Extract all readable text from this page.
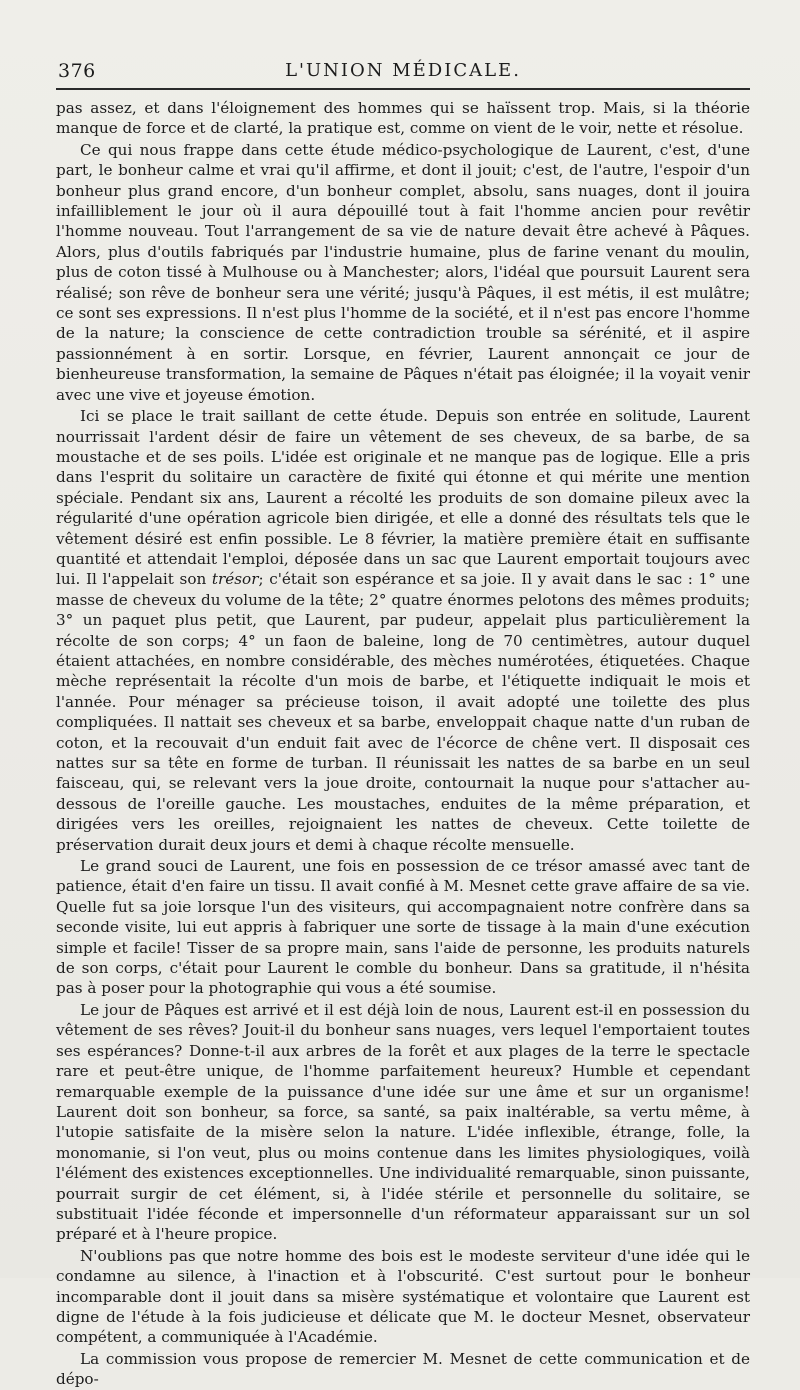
376	L'UNION MÉDICALE.

pas assez, et dans l'éloignement des hommes qui se haïssent trop. Mais, si la théorie manque de force et de clarté, la pratique est, comme on vient de le voir, nette et résolue.

Ce qui nous frappe dans cette étude médico-psychologique de Laurent, c'est, d'une part, le bonheur calme et vrai qu'il affirme, et dont il jouit; c'est, de l'autre, l'espoir d'un bonheur plus grand encore, d'un bonheur complet, absolu, sans nuages, dont il jouira infailliblement le jour où il aura dépouillé tout à fait l'homme ancien pour revêtir l'homme nouveau. Tout l'arrangement de sa vie de nature devait être achevé à Pâques. Alors, plus d'outils fabriqués par l'industrie humaine, plus de farine venant du moulin, plus de coton tissé à Mulhouse ou à Manchester; alors, l'idéal que poursuit Laurent sera réalisé; son rêve de bonheur sera une vérité; jusqu'à Pâques, il est métis, il est mulâtre; ce sont ses expressions. Il n'est plus l'homme de la société, et il n'est pas encore l'homme de la nature; la conscience de cette contradiction trouble sa sérénité, et il aspire passionnément à en sortir. Lorsque, en février, Laurent annonçait ce jour de bienheureuse transformation, la semaine de Pâques n'était pas éloignée; il la voyait venir avec une vive et joyeuse émotion.

Ici se place le trait saillant de cette étude. Depuis son entrée en solitude, Laurent nourrissait l'ardent désir de faire un vêtement de ses cheveux, de sa barbe, de sa moustache et de ses poils. L'idée est originale et ne manque pas de logique. Elle a pris dans l'esprit du solitaire un caractère de fixité qui étonne et qui mérite une mention spéciale. Pendant six ans, Laurent a récolté les produits de son domaine pileux avec la régularité d'une opération agricole bien dirigée, et elle a donné des résultats tels que le vêtement désiré est enfin possible. Le 8 février, la matière première était en suffisante quantité et attendait l'emploi, déposée dans un sac que Laurent emportait toujours avec lui. Il l'appelait son trésor; c'était son espérance et sa joie. Il y avait dans le sac : 1° une masse de cheveux du volume de la tête; 2° quatre énormes pelotons des mêmes produits; 3° un paquet plus petit, que Laurent, par pudeur, appelait plus particulièrement la récolte de son corps; 4° un faon de baleine, long de 70 centimètres, autour duquel étaient attachées, en nombre considérable, des mèches numérotées, étiquetées. Chaque mèche représentait la récolte d'un mois de barbe, et l'étiquette indiquait le mois et l'année. Pour ménager sa précieuse toison, il avait adopté une toilette des plus compliquées. Il nattait ses cheveux et sa barbe, enveloppait chaque natte d'un ruban de coton, et la recouvait d'un enduit fait avec de l'écorce de chêne vert. Il disposait ces nattes sur sa tête en forme de turban. Il réunissait les nattes de sa barbe en un seul faisceau, qui, se relevant vers la joue droite, contournait la nuque pour s'attacher au-dessous de l'oreille gauche. Les moustaches, enduites de la même préparation, et dirigées vers les oreilles, rejoignaient les nattes de cheveux. Cette toilette de préservation durait deux jours et demi à chaque récolte mensuelle.

Le grand souci de Laurent, une fois en possession de ce trésor amassé avec tant de patience, était d'en faire un tissu. Il avait confié à M. Mesnet cette grave affaire de sa vie. Quelle fut sa joie lorsque l'un des visiteurs, qui accompagnaient notre confrère dans sa seconde visite, lui eut appris à fabriquer une sorte de tissage à la main d'une exécution simple et facile! Tisser de sa propre main, sans l'aide de personne, les produits naturels de son corps, c'était pour Laurent le comble du bonheur. Dans sa gratitude, il n'hésita pas à poser pour la photographie qui vous a été soumise.

Le jour de Pâques est arrivé et il est déjà loin de nous, Laurent est-il en possession du vêtement de ses rêves? Jouit-il du bonheur sans nuages, vers lequel l'emportaient toutes ses espérances? Donne-t-il aux arbres de la forêt et aux plages de la terre le spectacle rare et peut-être unique, de l'homme parfaitement heureux? Humble et cependant remarquable exemple de la puissance d'une idée sur une âme et sur un organisme! Laurent doit son bonheur, sa force, sa santé, sa paix inaltérable, sa vertu même, à l'utopie satisfaite de la misère selon la nature. L'idée inflexible, étrange, folle, la monomanie, si l'on veut, plus ou moins contenue dans les limites physiologiques, voilà l'élément des existences exceptionnelles. Une individualité remarquable, sinon puissante, pourrait surgir de cet élément, si, à l'idée stérile et personnelle du solitaire, se substituait l'idée féconde et impersonnelle d'un réformateur apparaissant sur un sol préparé et à l'heure propice.

N'oublions pas que notre homme des bois est le modeste serviteur d'une idée qui le condamne au silence, à l'inaction et à l'obscurité. C'est surtout pour le bonheur incomparable dont il jouit dans sa misère systématique et volontaire que Laurent est digne de l'étude à la fois judicieuse et délicate que M. le docteur Mesnet, observateur compétent, a communiquée à l'Académie.

La commission vous propose de remercier M. Mesnet de cette communication et de dépo-
